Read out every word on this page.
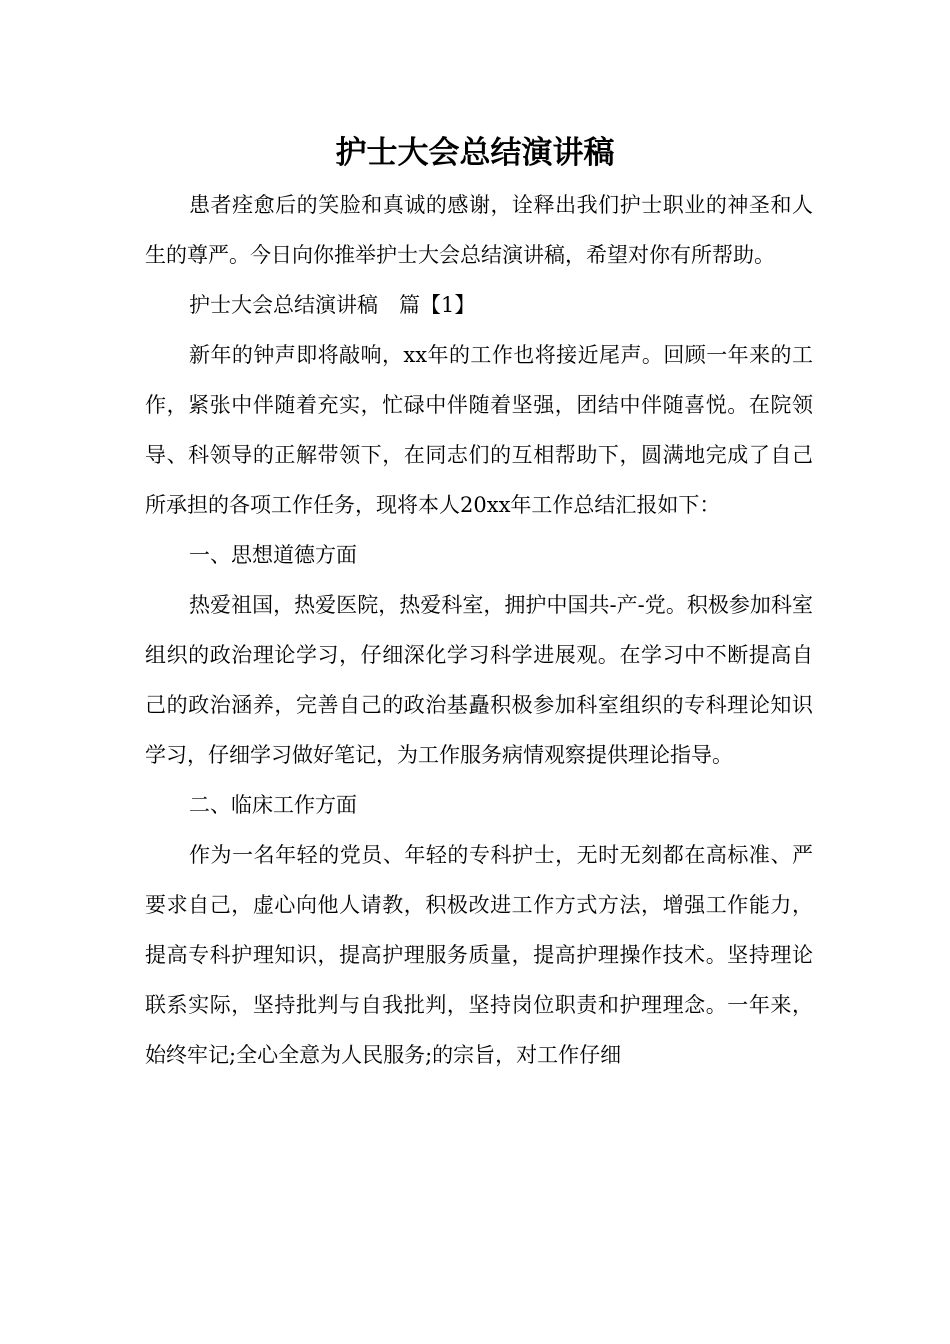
护士大会总结演讲稿

患者痊愈后的笑脸和真诚的感谢，诠释出我们护士职业的神圣和人生的尊严。今日向你推举护士大会总结演讲稿，希望对你有所帮助。

护士大会总结演讲稿　篇【1】

新年的钟声即将敲响，xx年的工作也将接近尾声。回顾一年来的工作，紧张中伴随着充实，忙碌中伴随着坚强，团结中伴随喜悦。在院领导、科领导的正解带领下，在同志们的互相帮助下，圆满地完成了自己所承担的各项工作任务，现将本人20xx年工作总结汇报如下：

一、思想道德方面

热爱祖国，热爱医院，热爱科室，拥护中国共-产-党。积极参加科室组织的政治理论学习，仔细深化学习科学进展观。在学习中不断提高自己的政治涵养，完善自己的政治基矗积极参加科室组织的专科理论知识学习，仔细学习做好笔记，为工作服务病情观察提供理论指导。

二、临床工作方面

作为一名年轻的党员、年轻的专科护士，无时无刻都在高标准、严要求自己，虚心向他人请教，积极改进工作方式方法，增强工作能力，提高专科护理知识，提高护理服务质量，提高护理操作技术。坚持理论联系实际，坚持批判与自我批判，坚持岗位职责和护理理念。一年来，始终牢记;全心全意为人民服务;的宗旨，对工作仔细
